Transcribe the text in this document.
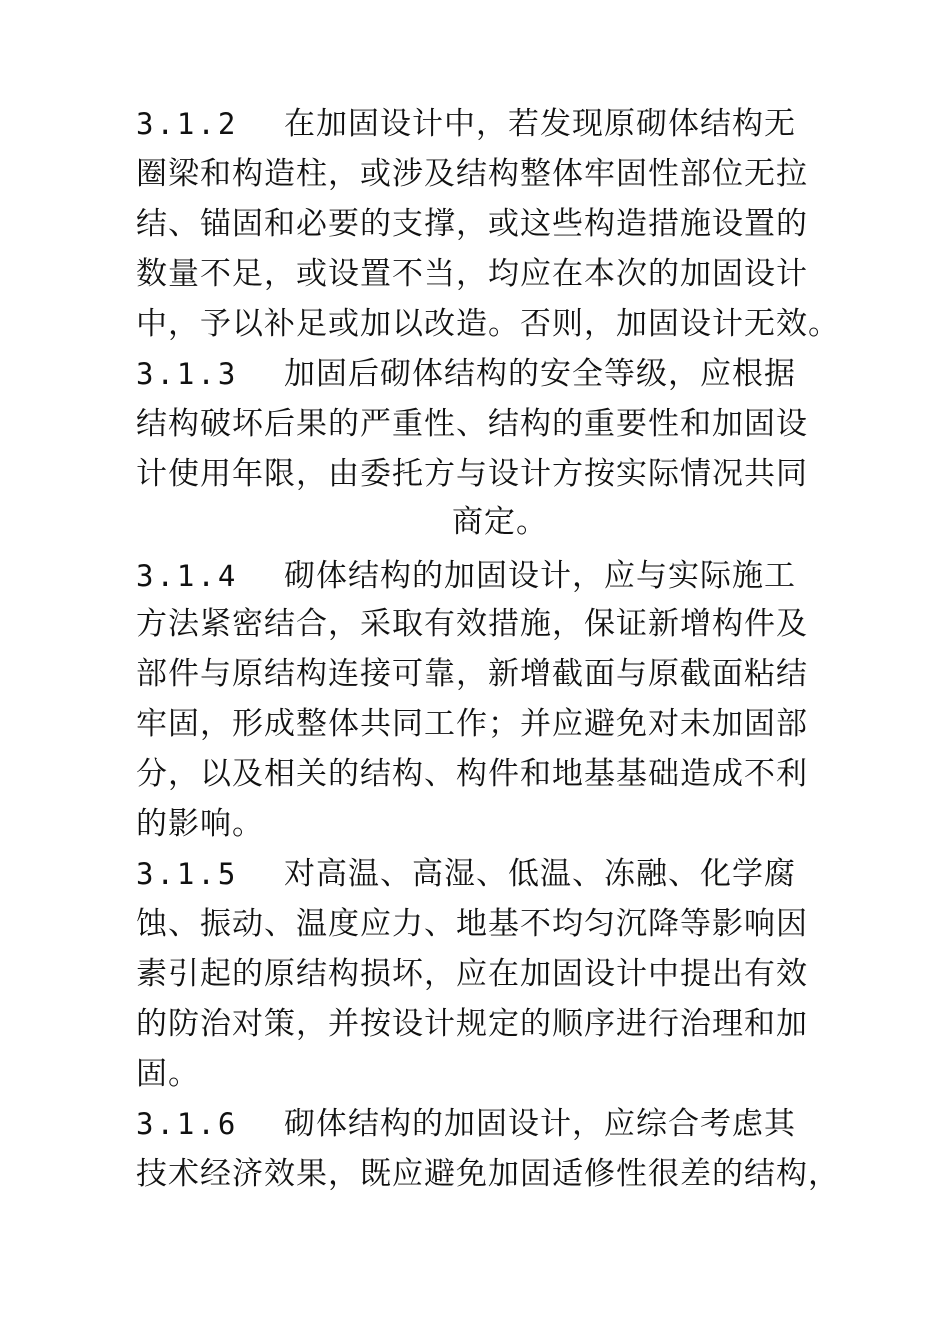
3.1.2 在加固设计中，若发现原砌体结构无
圈梁和构造柱，或涉及结构整体牢固性部位无拉
结、锚固和必要的支撑，或这些构造措施设置的
数量不足，或设置不当，均应在本次的加固设计
中，予以补足或加以改造。否则，加固设计无效。
3.1.3 加固后砌体结构的安全等级，应根据
结构破坏后果的严重性、结构的重要性和加固设
计使用年限，由委托方与设计方按实际情况共同
商定。
3.1.4 砌体结构的加固设计，应与实际施工
方法紧密结合，采取有效措施，保证新增构件及
部件与原结构连接可靠，新增截面与原截面粘结
牢固，形成整体共同工作；并应避免对未加固部
分，以及相关的结构、构件和地基基础造成不利
的影响。
3.1.5 对高温、高湿、低温、冻融、化学腐
蚀、振动、温度应力、地基不均匀沉降等影响因
素引起的原结构损坏，应在加固设计中提出有效
的防治对策，并按设计规定的顺序进行治理和加
固。
3.1.6 砌体结构的加固设计，应综合考虑其
技术经济效果，既应避免加固适修性很差的结构，
